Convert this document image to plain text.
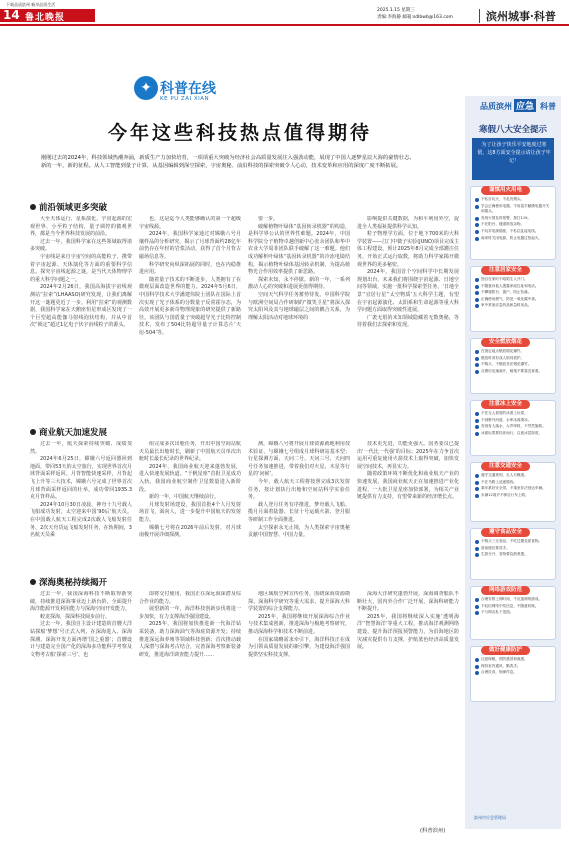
下载品质滨州 畅享品质生活
14 鲁北晚报
2025.1.15 星期三
责编:李海静 邮箱:sdlbwb@163.com	滨州城事·科普
✦ 科普在线
KE PU ZAI XIAN
今年这些科技热点值得期待

刚刚过去的2024年，科技领域热潮奔涌，新质生产力加快培育，一项项重大突破为经济社会高质量发展注入强劲动能，展现了中国人逐梦星辰大海的豪情壮志。

新的一年，新的征程。从人工智能到量子计算，从基因编辑到深空探索，宇宙奥秘、前沿科技的探索突破令人心动，技术变革和应用的深度广度不断拓展。

前沿领域更多突破

大至天体运行，星系演化，宇宙起源的宏观世界，小至粒子结构，量子调控的微观世界，都是当今世界科技发展的前沿。

过去一年，我国科学家在这些领域取得诸多突破。

宇宙线是来自宇宙空间的高能粒子，携带着宇宙起源、天体演化等方面的重要科学信息。探究宇宙线起源之谜，是当代天体物理学的重大科学问题之一。

2024年2月26日，我国高海拔宇宙线观测站“拉索”(LHAASO)研究发现，让我们离解开这一谜题更近了一步。利用“拉索”的观测数据，我国科学家在天鹅座恒星形成区发现了一个巨型超高能伽马射线泡状结构，并从中首次“锁定”超过1亿电子伏宇宙线粒子的源头。

也，这是迄今人类能够确认的第一个超级宇宙线源。

2024年，我国科学家通过对嫦娥六号月壤样品的分析研究，揭示了月球背面约28亿年前仍存在年轻的岩浆活动，获得了首个月背古磁场信息等。

科学研究向纵深拓展的同时，也在内稳推进应用。

随着量子技术的不断进步，人类拥有了在微观层面改造世界的能力。2024年5月6日，中国科学技术大学潘建伟院士团队在国际上首次实现了光子体系的分数量子反常霍尔态，为高效开展更多新奇物理现象的研究提供了新路径。该团队与国盾量子突破超导光子比特控制技术，发布了504比特超导量子计算芯片‘天衍-504’等。

要一步。

破解植物叶绿体“基因转录机器”的构造，是科学界公认的世界性难题。2024年，中国科学院分子植物卓越创新中心张余团队和华中农业大学周菲团队联手破解了这一难题。他们成功解析叶绿体“基因转录机器”的冷冻电镜结构，揭示植物叶绿体基因转录机制，为提高植物光合作用效率提供了新思路。

探索未知，永不停歇。新的一年，一系列激动人心的突破和进展更值得期待。

空间天气科学任务蓄势待发。中国科学院与欧洲空间局合作研制的“微笑卫星”将深入探究太阳风及其与地球磁层之间的耦合关系，为理解太阳活动对地球环境的

影响提供关键数据，为和平利用外空，促进全人类福祉提供科学认知。

粒子物理学方面，位于地下700米的大科学装置——江门中微子实验(JUNO)项目完成主体工程建设，预计2025年8月完成全部灌注任务，开始正式运行取数，将助力科学家揭开微观世界的更多秘密。

2024年，我国首个空间科学中长期发展规划出台，未来我们将围绕宇宙起源、日地空间等领域，实施一批科学探索型任务，‘日地全景’‘宜居行星’‘太空物质’五大科学主题，有望在宇宙起源演化、太阳系和生命起源等重大科学问题方面取得突破性进展。

广袤无垠的未知领域隐藏着无数奥秘，等待着我们去探索和发现。

商业航天加速发展

过去一年，航天探索持续突破、成绩斐然。

2024年6月25日，嫦娥六号返回器回到地面，带回53天的太空旅行，实现世界首次月球背面采样返回。月背智能快速采样，月背起飞上升等三大技术，嫦娥六号完成了世界首次月球背面采样返回的壮举，成功带回1935.3克月背样品。

2024年10月30日凌晨，神舟十九号载人飞船成功发射，太空迎来中国‘90后’航天员。在中国载人航天工程完成2次载人飞船发射任务、2次天舟货运飞船发射任务，在轨期间，3名航天员乘

组完成多次出舱任务，开出中国空间站航天员最长出舱时长，刷新了中国航天员单次出舱时长最长纪录的世界纪录。

2024年，我国商业航天迎来蓬勃发展，进入快速发展轨道。“千帆星座”首批卫星成功入轨，我国商业航空制作卫星数量进入新阶段。

新的一年，中国航天继续前行。

月球发射场建设，我国首批4个人月发射场首飞，面向人，进一步提升中国航天的发射能力。

嫦娥七号将在2026年前后发射，对月球南极开展详细探测。

测，嫦娥八号将开展月球资源就地利用技术验证，与嫦娥七号组成月球科研站基本型；行星探测方面，天问二号、天问三号、天问四号任务加速推进，带着我们对火星、木星等行星的‘问候’。

今年，载人航天工程将按照完成3次发射任务，按计划执行出舱和空间站科学实验任务。

载人登月任务有序推进，梦舟载人飞船、揽月月面着陆器、长征十号运载火箭、登月服等研制工作全面推进。

太空探索永无止境，为人类探索宇宙奥秘贡献中国智慧、中国力量。

技术更先进，功能更强大。国务委员已提出‘一代比一代强’的目标；2025年在力争首次运用可重复使用火箭技术上取得突破，加快发展空间技术，再显实力。

随着政策环境不断优化和商业航天产业的快速发展，我国商业航天正在加速推进产业化进程，一大批卫星星座加快部署，为相关产业链提供有力支持，有望带来新的经济增长点。

深海奥秘持续揭开

过去一年，我国深海科技不断取得新突破，持续推进深海事业迈上新台阶，全面提升海洋能源开发利用能力与深海空间开发能力。

蛟龙探海，探深科技阔步前行。

过去一年，我国自主设计建造的首艘大洋钻探船‘梦想’号正式入列，在深海进入、深海探测、深海开发方面再增‘国之重器’；首艘设计与建造完全国产化的深海多功能科学考察及文物考古船‘探索三号’，也

即将交付使用，我国正在深远海深潜及综合作业的能力。

展望新的一年，海洋科技创新步伐将进一步加快，有力支撑海洋强国建设。

2025年，我国将加快推进新一代海洋钻采装备，助力深海油气等海底资源开发；持续推进深远海养殖等领域科技创新；首次推动载人深潜与深海考古结合，完善深海考察新装备研发，推进海洋调查能力提升……

地区域航空网宣传任务，围绕深海资源勘探、深海科学研究等重大需求，提升深海大科学装置的综合支撑能力。

2025年，我国将继续开展深海综合作业与技术集成创新，推进深海与极地考察研究，推动深海科学和技术不断前进。

在国家战略需求牵引下，海洋科技正在成为引领高质量发展的新引擎，为建设海洋强国提供坚实科技支撑。

深海大洋研究蓬勃开展，深海调查船队不断壮大，国内外合作广泛开展，深海科研能力不断提升。

2025年，我国将继续深入实施‘透明海洋’‘智慧海洋’等重大工程，推动海洋观测网络建设，提升海洋预报预警能力，为沿海地区防灾减灾提供有力支撑，护航蓝色经济高质量发展。

(科普滨州)
品质滨州 应急 科普
寒假八大安全提示
为了让孩子快乐平安地度过寒假，这8方面安全提示请让孩子牢记！
谨慎用火用电
不私自玩火，不乱扔烟头。
学会正确使用电器，不用湿手触摸电器开关和插头。
发现火情及时报警，拨打119。
不在阳台、楼道堆放杂物。
不玩弄电源插座，不私拉乱接电线。
离家时关闭电源，防止电器过热起火。
注意居家安全
独自在家时不给陌生人开门。
不随意向他人透露家庭住址和电话。
不攀爬阳台、窗户，防止坠落。
正确使用燃气，防范一氧化碳中毒。
家中常备应急药品和急救用品。
安全燃放烟花
在指定地点燃放烟花爆竹。
燃放时须有成人陪同看护。
不购买、不燃放非法烟花爆竹。
点燃后迅速离开，哑炮不要靠近查看。
注意冰上安全
不在无人看管的冰面上玩耍。
不到野外河道、水库冰面滑冰。
发现有人落水，大声呼救，不贸然施救。
冰面玩耍要结伴而行，注意冰层厚度。
注意交通安全
遵守交通规则，走人行横道。
不在马路上追逐嬉戏。
乘车系好安全带，不乘坐非法营运车辆。
未满12周岁不骑自行车上路。
遵守食品安全
不购买三无食品，不吃过期变质食物。
饭前便后要洗手。
生熟分开，食物要烧熟煮透。
网络游戏防范
合理安排上网时间，不沉迷网络游戏。
不轻信网络中奖信息，不随意转账。
不与网友私下见面。
做好健康防护
注意保暖，预防感冒和流感。
保持室内通风，勤洗手。
合理饮食，规律作息。
滨州市应急管理局
